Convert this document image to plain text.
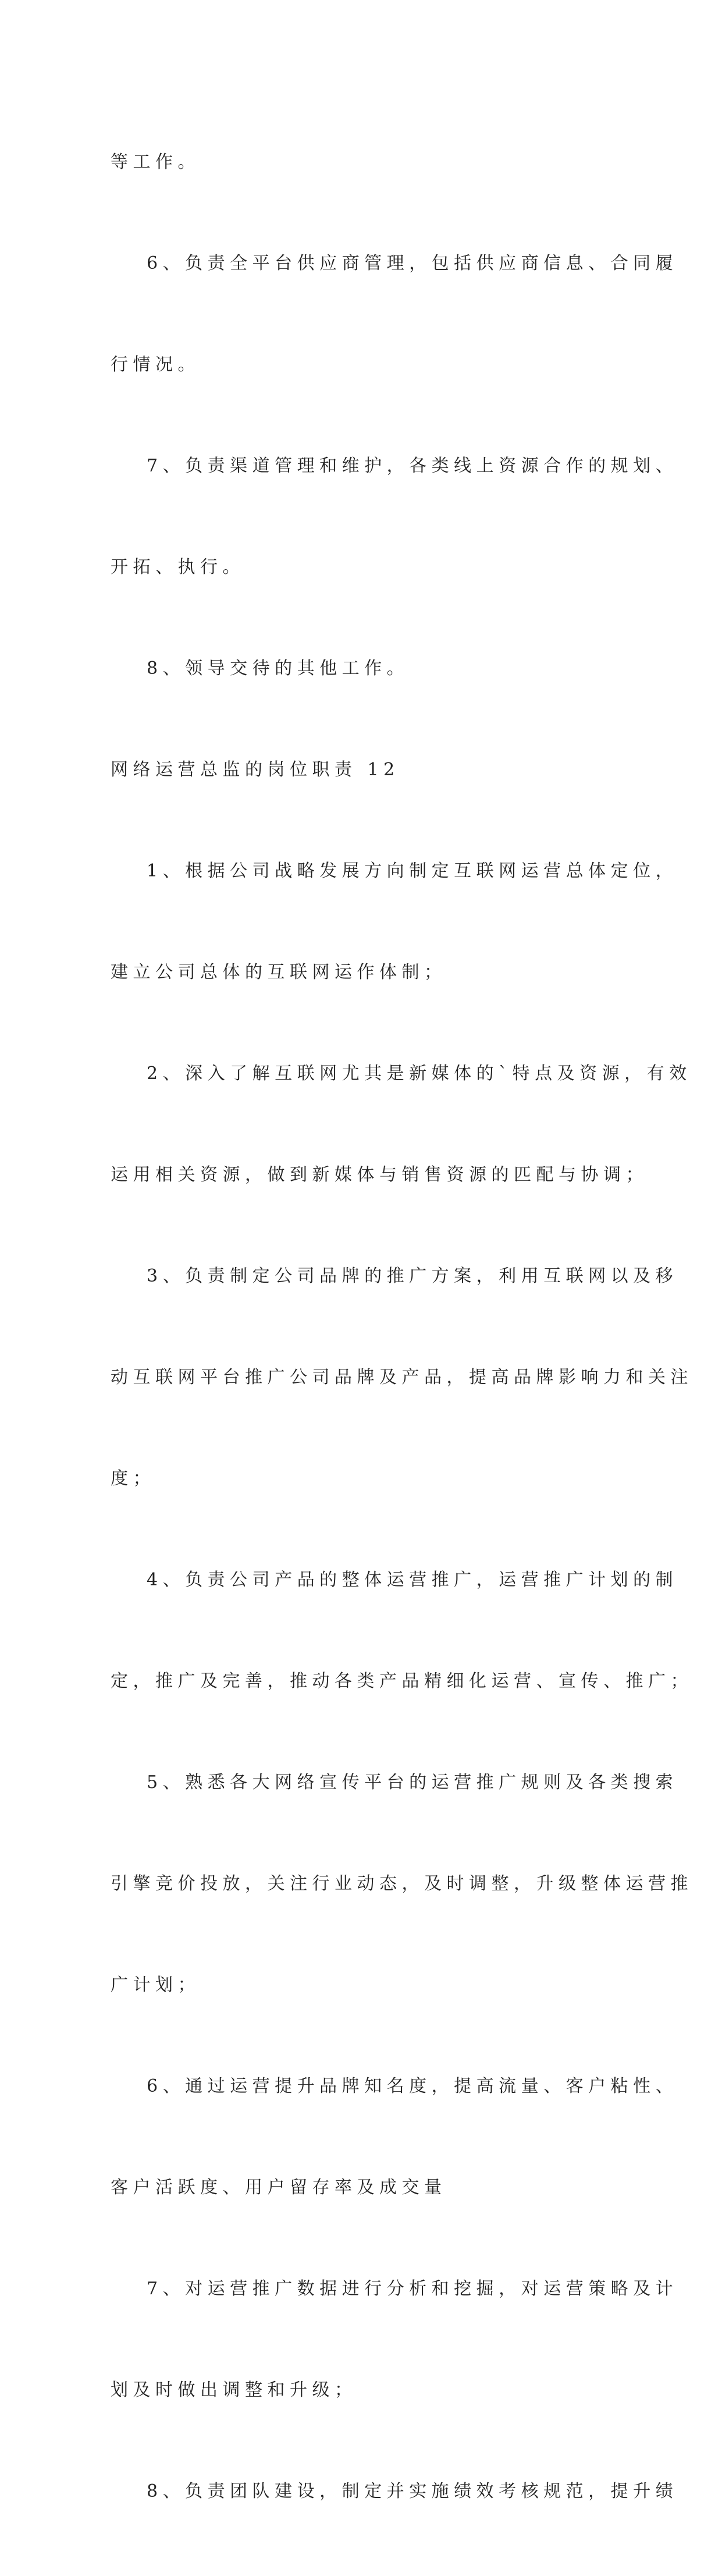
等工作。

6、负责全平台供应商管理，包括供应商信息、合同履

行情况。

7、负责渠道管理和维护，各类线上资源合作的规划、

开拓、执行。

8、领导交待的其他工作。

网络运营总监的岗位职责 12

1、根据公司战略发展方向制定互联网运营总体定位，

建立公司总体的互联网运作体制；

2、深入了解互联网尤其是新媒体的`特点及资源，有效

运用相关资源，做到新媒体与销售资源的匹配与协调；

3、负责制定公司品牌的推广方案，利用互联网以及移

动互联网平台推广公司品牌及产品，提高品牌影响力和关注

度；

4、负责公司产品的整体运营推广，运营推广计划的制

定，推广及完善，推动各类产品精细化运营、宣传、推广；

5、熟悉各大网络宣传平台的运营推广规则及各类搜索

引擎竞价投放，关注行业动态，及时调整，升级整体运营推

广计划；

6、通过运营提升品牌知名度，提高流量、客户粘性、

客户活跃度、用户留存率及成交量

7、对运营推广数据进行分析和挖掘，对运营策略及计

划及时做出调整和升级；

8、负责团队建设，制定并实施绩效考核规范，提升绩
